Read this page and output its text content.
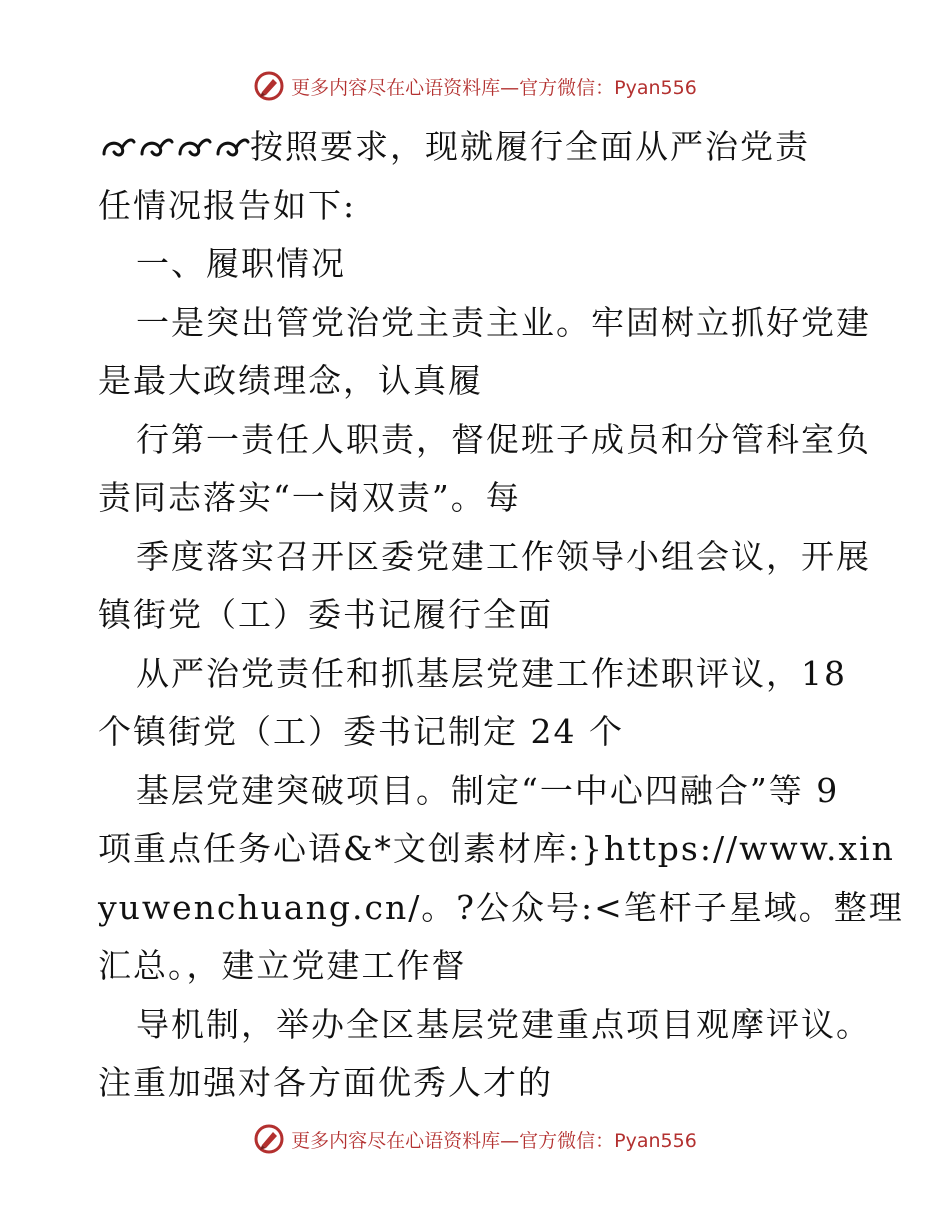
更多内容尽在心语资料库—官方微信：Pyan556
按照要求，现就履行全面从严治党责
任情况报告如下:
一、履职情况
一是突出管党治党主责主业。牢固树立抓好党建
是最大政绩理念，认真履
行第一责任人职责，督促班子成员和分管科室负
责同志落实“一岗双责”。每
季度落实召开区委党建工作领导小组会议，开展
镇街党（工）委书记履行全面
从严治党责任和抓基层党建工作述职评议，18
个镇街党（工）委书记制定 24 个
基层党建突破项目。制定“一中心四融合”等 9
项重点任务心语&*文创素材库:}https://www.xin
yuwenchuang.cn/。?公众号:<笔杆子星域。整理
汇总。，建立党建工作督
导机制，举办全区基层党建重点项目观摩评议。
注重加强对各方面优秀人才的
更多内容尽在心语资料库—官方微信：Pyan556
